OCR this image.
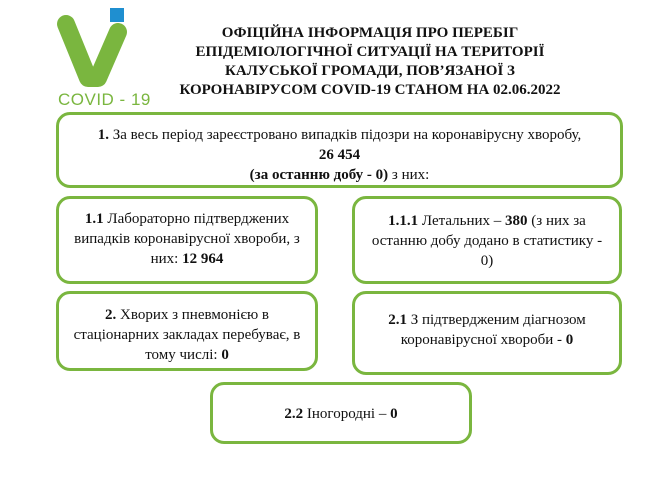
COVID - 19
ОФІЦІЙНА ІНФОРМАЦІЯ ПРО ПЕРЕБІГ
ЕПІДЕМІОЛОГІЧНОЇ СИТУАЦІЇ НА ТЕРИТОРІЇ
КАЛУСЬКОЇ ГРОМАДИ, ПОВ’ЯЗАНОЇ З
КОРОНАВІРУСОМ COVID-19 СТАНОМ НА 02.06.2022
1. За весь період зареєстровано випадків підозри на коронавірусну хворобу,
26 454
(за останню добу - 0) з них:
1.1 Лабораторно підтверджених випадків коронавірусної хвороби, з них: 12 964
1.1.1 Летальних – 380 (з них за останню добу додано в статистику - 0)
2. Хворих з пневмонією в стаціонарних закладах перебуває, в тому числі: 0
2.1 З підтвердженим діагнозом коронавірусної хвороби - 0
2.2 Іногородні – 0
